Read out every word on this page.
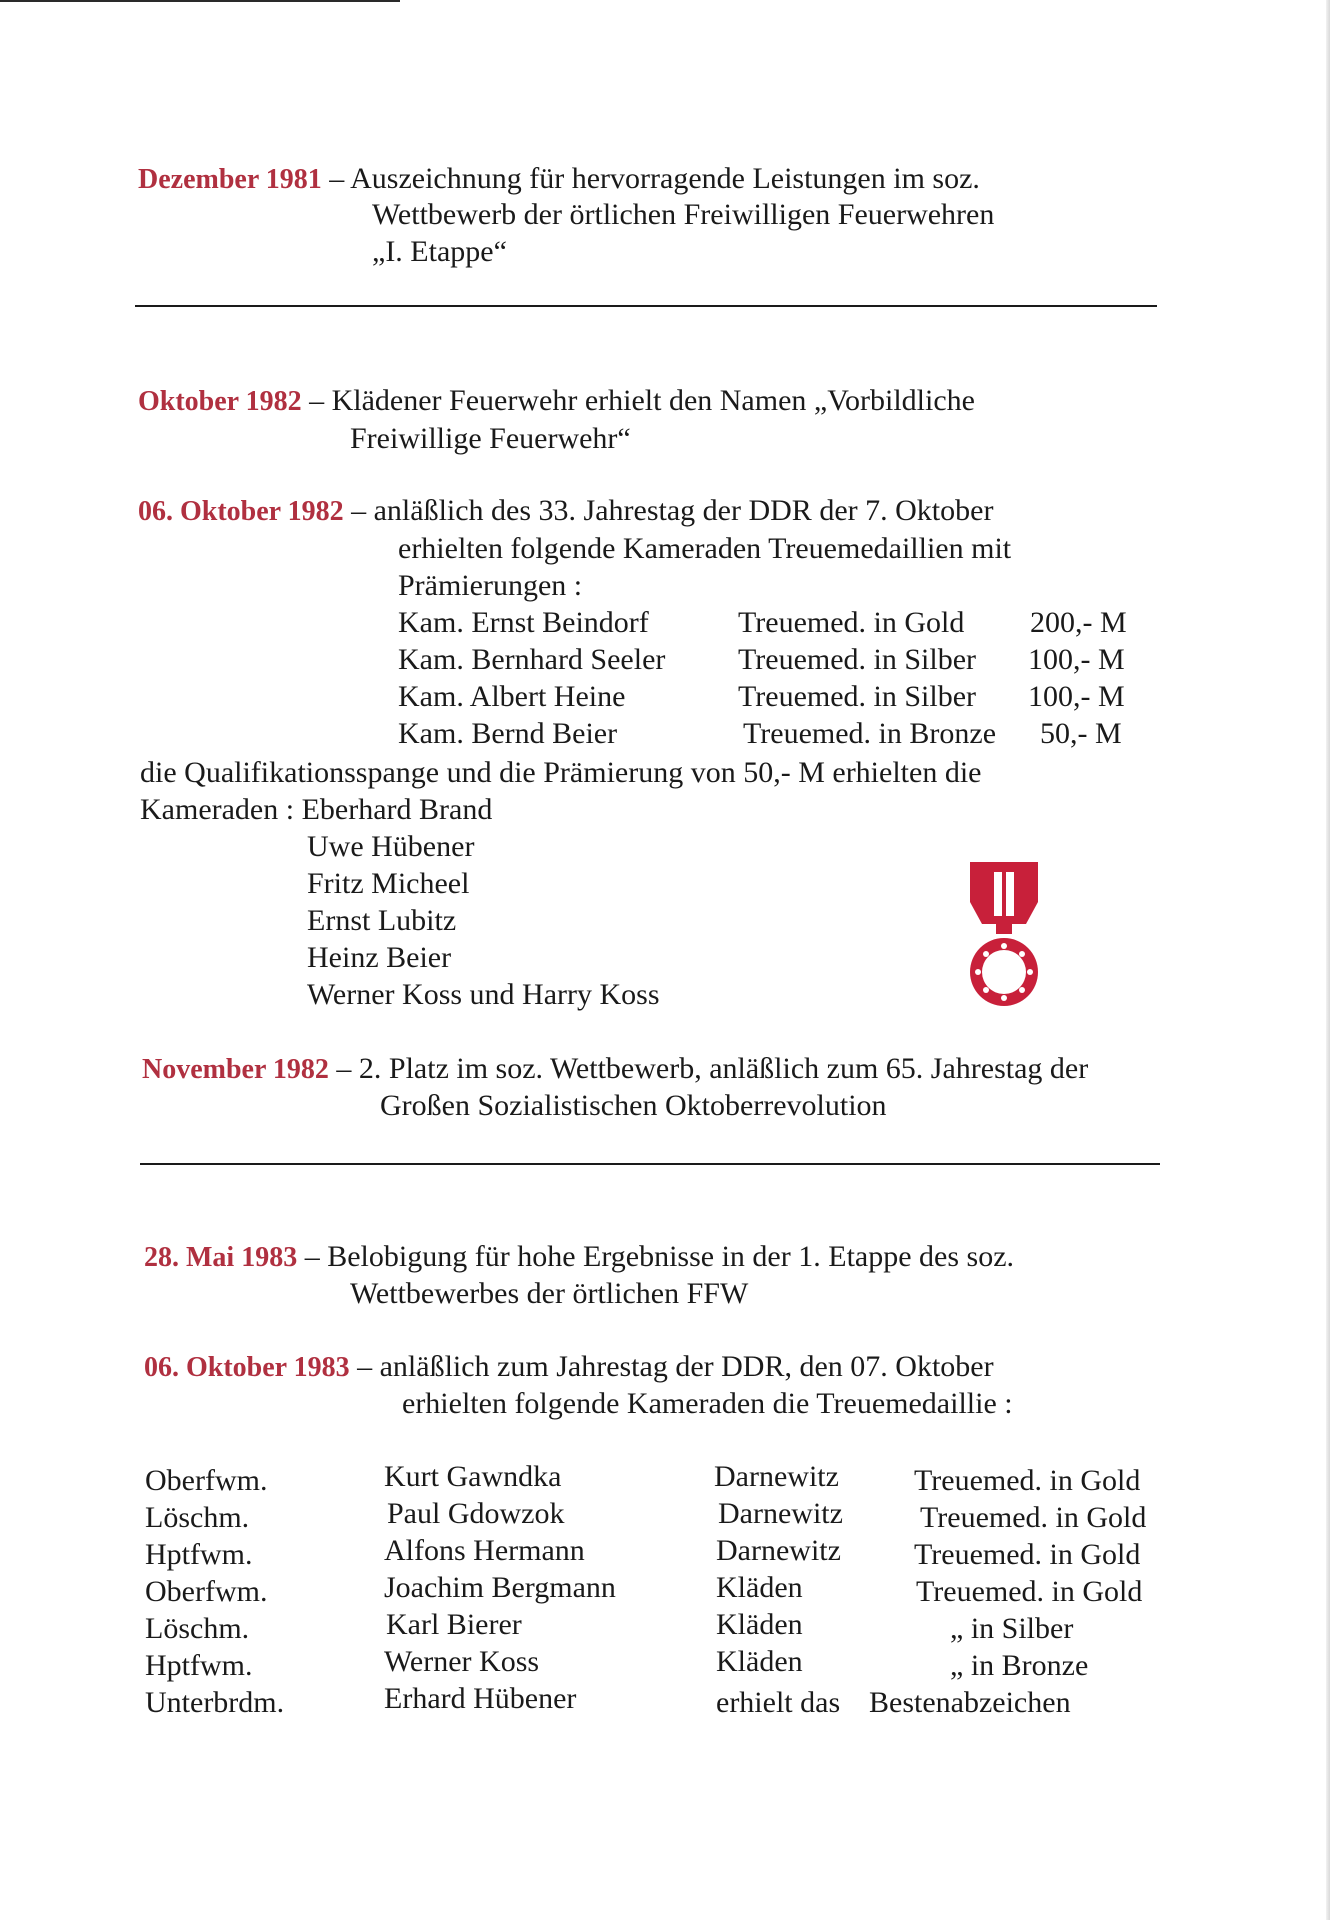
Dezember 1981 – Auszeichnung für hervorragende Leistungen im soz.
Wettbewerb der örtlichen Freiwilligen Feuerwehren
„I. Etappe“
Oktober 1982 – Klädener Feuerwehr erhielt den Namen „Vorbildliche
Freiwillige Feuerwehr“
06. Oktober 1982 – anläßlich des 33. Jahrestag der DDR der 7. Oktober
erhielten folgende Kameraden Treuemedaillien mit
Prämierungen :
Kam. Ernst Beindorf	Treuemed. in Gold 200,- M
Kam. Bernhard Seeler Treuemed. in Silber 100,- M
Kam. Albert Heine	Treuemed. in Silber 100,- M
Kam. Bernd Beier	Treuemed. in Bronze 50,- M
die Qualifikationsspange und die Prämierung von 50,- M erhielten die
Kameraden : Eberhard Brand
Uwe Hübener
Fritz Micheel
Ernst Lubitz
Heinz Beier
Werner Koss und Harry Koss
November 1982 – 2. Platz im soz. Wettbewerb, anläßlich zum 65. Jahrestag der
Großen Sozialistischen Oktoberrevolution
28. Mai 1983 – Belobigung für hohe Ergebnisse in der 1. Etappe des soz.
Wettbewerbes der örtlichen FFW
06. Oktober 1983 – anläßlich zum Jahrestag der DDR, den 07. Oktober
erhielten folgende Kameraden die Treuemedaillie :
Oberfwm.	Kurt Gawndka	Darnewitz	Treuemed. in Gold
Löschm.	Paul Gdowzok	Darnewitz	Treuemed. in Gold
Hptfwm.	Alfons Hermann	Darnewitz Treuemed. in Gold
Oberfwm.	Joachim Bergmann	Kläden	Treuemed. in Gold
Löschm.	Karl Bierer	Kläden	„ in Silber
Hptfwm.	Werner Koss	Kläden	„ in Bronze
Unterbrdm.	Erhard Hübener	erhielt das Bestenabzeichen
